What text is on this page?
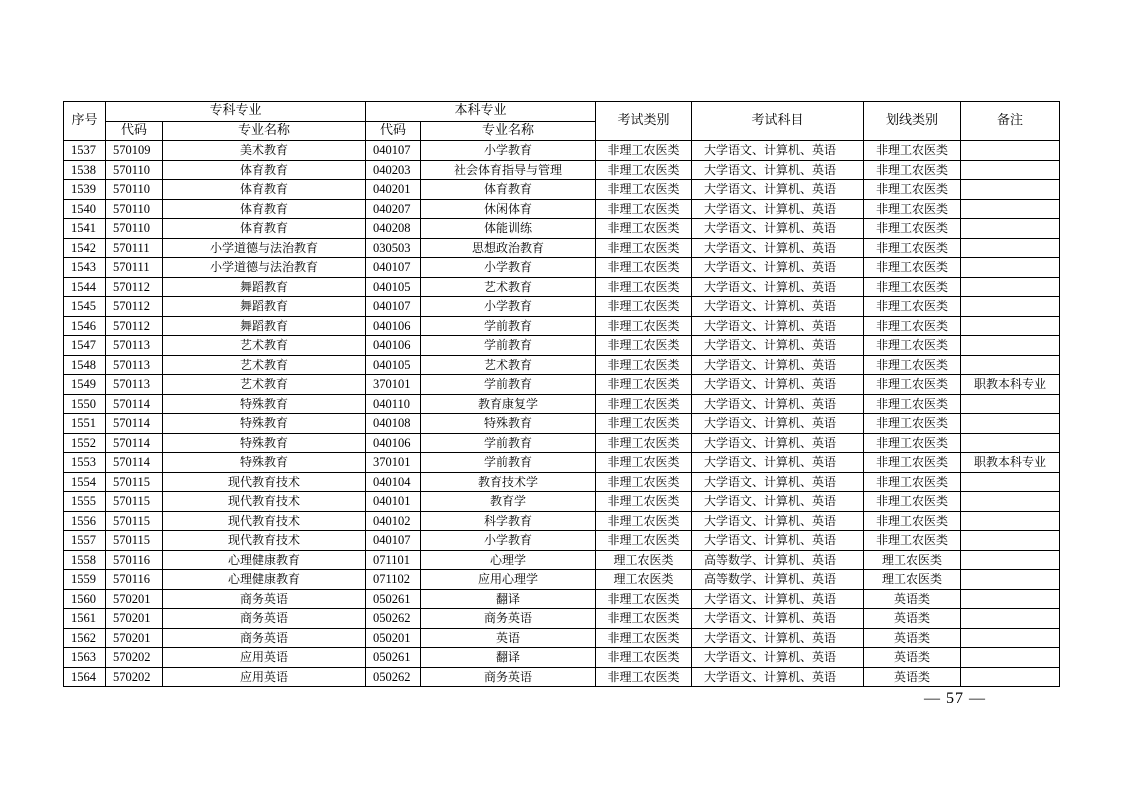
序号	专科专业		本科专业		考试类别	考试科目	划线类别	备注
	代码	专业名称	代码	专业名称				
1537	570109	美术教育	040107	小学教育	非理工农医类	大学语文、计算机、英语	非理工农医类	
1538	570110	体育教育	040203	社会体育指导与管理	非理工农医类	大学语文、计算机、英语	非理工农医类	
1539	570110	体育教育	040201	体育教育	非理工农医类	大学语文、计算机、英语	非理工农医类	
1540	570110	体育教育	040207	休闲体育	非理工农医类	大学语文、计算机、英语	非理工农医类	
1541	570110	体育教育	040208	体能训练	非理工农医类	大学语文、计算机、英语	非理工农医类	
1542	570111	小学道德与法治教育	030503	思想政治教育	非理工农医类	大学语文、计算机、英语	非理工农医类	
1543	570111	小学道德与法治教育	040107	小学教育	非理工农医类	大学语文、计算机、英语	非理工农医类	
1544	570112	舞蹈教育	040105	艺术教育	非理工农医类	大学语文、计算机、英语	非理工农医类	
1545	570112	舞蹈教育	040107	小学教育	非理工农医类	大学语文、计算机、英语	非理工农医类	
1546	570112	舞蹈教育	040106	学前教育	非理工农医类	大学语文、计算机、英语	非理工农医类	
1547	570113	艺术教育	040106	学前教育	非理工农医类	大学语文、计算机、英语	非理工农医类	
1548	570113	艺术教育	040105	艺术教育	非理工农医类	大学语文、计算机、英语	非理工农医类	
1549	570113	艺术教育	370101	学前教育	非理工农医类	大学语文、计算机、英语	非理工农医类	职教本科专业
1550	570114	特殊教育	040110	教育康复学	非理工农医类	大学语文、计算机、英语	非理工农医类	
1551	570114	特殊教育	040108	特殊教育	非理工农医类	大学语文、计算机、英语	非理工农医类	
1552	570114	特殊教育	040106	学前教育	非理工农医类	大学语文、计算机、英语	非理工农医类	
1553	570114	特殊教育	370101	学前教育	非理工农医类	大学语文、计算机、英语	非理工农医类	职教本科专业
1554	570115	现代教育技术	040104	教育技术学	非理工农医类	大学语文、计算机、英语	非理工农医类	
1555	570115	现代教育技术	040101	教育学	非理工农医类	大学语文、计算机、英语	非理工农医类	
1556	570115	现代教育技术	040102	科学教育	非理工农医类	大学语文、计算机、英语	非理工农医类	
1557	570115	现代教育技术	040107	小学教育	非理工农医类	大学语文、计算机、英语	非理工农医类	
1558	570116	心理健康教育	071101	心理学	理工农医类	高等数学、计算机、英语	理工农医类	
1559	570116	心理健康教育	071102	应用心理学	理工农医类	高等数学、计算机、英语	理工农医类	
1560	570201	商务英语	050261	翻译	非理工农医类	大学语文、计算机、英语	英语类	
1561	570201	商务英语	050262	商务英语	非理工农医类	大学语文、计算机、英语	英语类	
1562	570201	商务英语	050201	英语	非理工农医类	大学语文、计算机、英语	英语类	
1563	570202	应用英语	050261	翻译	非理工农医类	大学语文、计算机、英语	英语类	
1564	570202	应用英语	050262	商务英语	非理工农医类	大学语文、计算机、英语	英语类	
— 57 —
